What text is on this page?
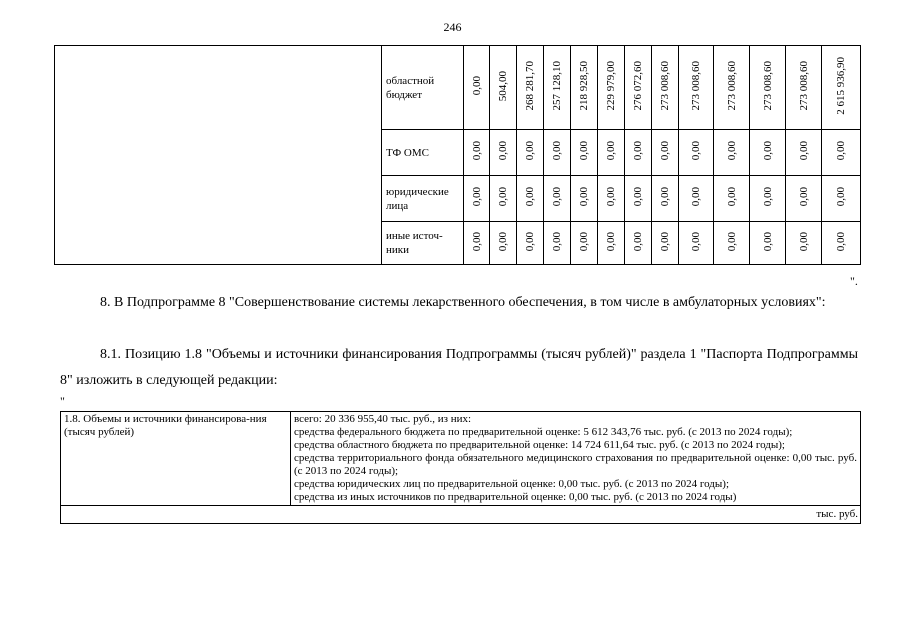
246

	областной
бюджет	0,00	504,00	268 281,70	257 128,10	218 928,50	229 979,00	276 072,60	273 008,60	273 008,60	273 008,60	273 008,60	273 008,60	2 615 936,90

	ТФ ОМС	0,00	0,00	0,00	0,00	0,00	0,00	0,00	0,00	0,00	0,00	0,00	0,00	0,00

	юридические
лица	0,00	0,00	0,00	0,00	0,00	0,00	0,00	0,00	0,00	0,00	0,00	0,00	0,00

	иные источ-
ники	0,00	0,00	0,00	0,00	0,00	0,00	0,00	0,00	0,00	0,00	0,00	0,00	0,00
".
8. В Подпрограмме 8 "Совершенствование системы лекарственного обеспечения, в том числе в амбулаторных условиях":
8.1. Позицию 1.8 "Объемы и источники финансирования Подпрограммы (тысяч рублей)" раздела 1 "Паспорта Подпрограммы 8" изложить в следующей редакции:
"
1.8. Объемы и источники финансирова-ния (тысяч рублей)	
всего: 20 336 955,40 тыс. руб., из них:
средства федерального бюджета по предварительной оценке: 5 612 343,76 тыс. руб. (с 2013 по 2024 годы);
средства областного бюджета по предварительной оценке: 14 724 611,64 тыс. руб. (с 2013 по 2024 годы);
средства территориального фонда обязательного медицинского страхования по предварительной оценке: 0,00 тыс. руб. (с 2013 по 2024 годы);
средства юридических лиц по предварительной оценке: 0,00 тыс. руб. (с 2013 по 2024 годы);
средства из иных источников по предварительной оценке: 0,00 тыс. руб. (с 2013 по 2024 годы)

тыс. руб.
